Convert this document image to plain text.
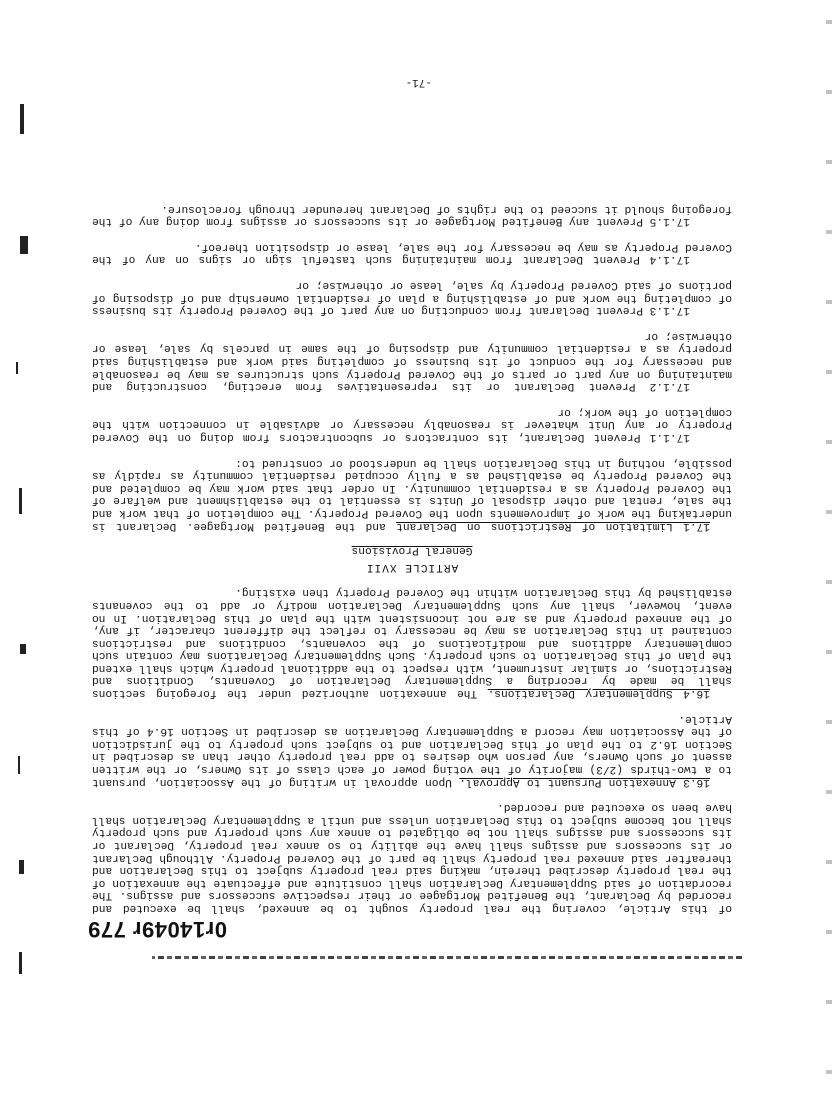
0r14049r 779

of this Article, covering the real property sought to be annexed, shall be executed and recorded by Declarant, the Benefited Mortgagee or their respective successors and assigns. The recordation of said Supplementary Declaration shall constitute and effectuate the annexation of the real property described therein, making said real property subject to this Declaration and thereafter said annexed real property shall be part of the Covered Property. Although Declarant or its successors and assigns shall have the ability to so annex real property, Declarant or its successors and assigns shall not be obligated to annex any such property and such property shall not become subject to this Declaration unless and until a Supplementary Declaration shall have been so executed and recorded.

16.3 Annexation Pursuant to Approval. Upon approval in writing of the Association, pursuant to a two-thirds (2/3) majority of the voting power of each class of its Owners, or the written assent of such Owners, any person who desires to add real property other than as described in Section 16.2 to the plan of this Declaration and to subject such property to the jurisdiction of the Association may record a Supplementary Declaration as described in Section 16.4 of this Article.

16.4 Supplementary Declarations. The annexation authorized under the foregoing sections shall be made by recording a Supplementary Declaration of Covenants, Conditions and Restrictions, or similar instrument, with respect to the additional property which shall extend the plan of this Declaration to such property. Such Supplementary Declarations may contain such complementary additions and modifications of the covenants, conditions and restrictions contained in this Declaration as may be necessary to reflect the different character, if any, of the annexed property and as are not inconsistent with the plan of this Declaration. In no event, however, shall any such Supplementary Declaration modify or add to the covenants established by this Declaration within the Covered Property then existing.

ARTICLE XVII
General Provisions

17.1 Limitation of Restrictions on Declarant and the Benefited Mortgagee. Declarant is undertaking the work of improvements upon the Covered Property. The completion of that work and the sale, rental and other disposal of Units is essential to the establishment and welfare of the Covered Property as a residential community. In order that said work may be completed and the Covered Property be established as a fully occupied residential community as rapidly as possible, nothing in this Declaration shall be understood or construed to:

17.1.1 Prevent Declarant, its contractors or subcontractors from doing on the Covered Property or any Unit whatever is reasonably necessary or advisable in connection with the completion of the work; or

17.1.2 Prevent Declarant or its representatives from erecting, constructing and maintaining on any part or parts of the Covered Property such structures as may be reasonable and necessary for the conduct of its business of completing said work and establishing said property as a residential community and disposing of the same in parcels by sale, lease or otherwise; or

17.1.3 Prevent Declarant from conducting on any part of the Covered Property its business of completing the work and of establishing a plan of residential ownership and of disposing of portions of said Covered Property by sale, lease or otherwise; or

17.1.4 Prevent Declarant from maintaining such tasteful sign or signs on any of the Covered Property as may be necessary for the sale, lease or disposition thereof.

17.1.5 Prevent any Benefited Mortgagee or its successors or assigns from doing any of the foregoing should it succeed to the rights of Declarant hereunder through foreclosure.

-71-
